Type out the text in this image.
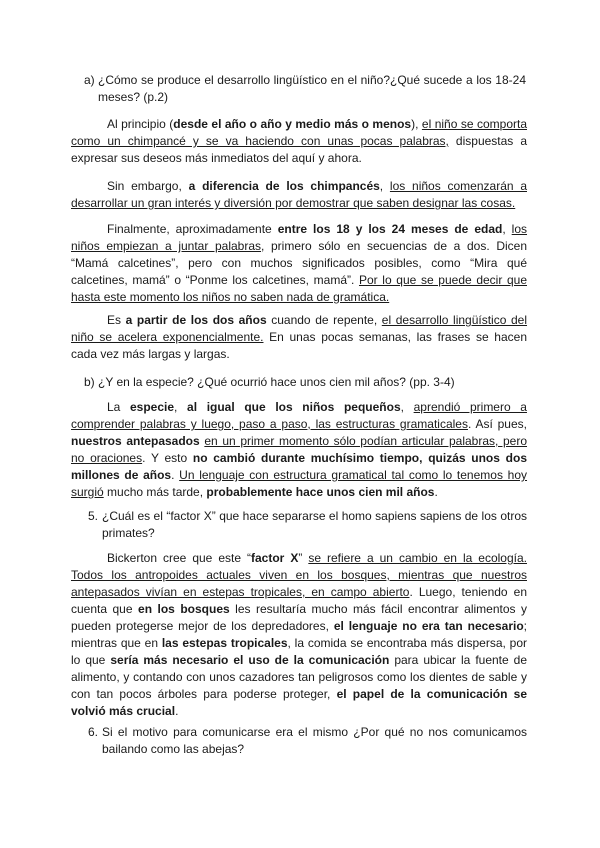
a) ¿Cómo se produce el desarrollo lingüístico en el niño?¿Qué sucede a los 18-24 meses? (p.2)
Al principio (desde el año o año y medio más o menos), el niño se comporta como un chimpancé y se va haciendo con unas pocas palabras, dispuestas a expresar sus deseos más inmediatos del aquí y ahora.
Sin embargo, a diferencia de los chimpancés, los niños comenzarán a desarrollar un gran interés y diversión por demostrar que saben designar las cosas.
Finalmente, aproximadamente entre los 18 y los 24 meses de edad, los niños empiezan a juntar palabras, primero sólo en secuencias de a dos. Dicen “Mamá calcetines”, pero con muchos significados posibles, como “Mira qué calcetines, mamá” o “Ponme los calcetines, mamá”. Por lo que se puede decir que hasta este momento los niños no saben nada de gramática.
Es a partir de los dos años cuando de repente, el desarrollo lingüístico del niño se acelera exponencialmente. En unas pocas semanas, las frases se hacen cada vez más largas y largas.
b) ¿Y en la especie? ¿Qué ocurrió hace unos cien mil años? (pp. 3-4)
La especie, al igual que los niños pequeños, aprendió primero a comprender palabras y luego, paso a paso, las estructuras gramaticales. Así pues, nuestros antepasados en un primer momento sólo podían articular palabras, pero no oraciones. Y esto no cambió durante muchísimo tiempo, quizás unos dos millones de años. Un lenguaje con estructura gramatical tal como lo tenemos hoy surgió mucho más tarde, probablemente hace unos cien mil años.
5. ¿Cuál es el “factor X” que hace separarse el homo sapiens sapiens de los otros primates?
Bickerton cree que este “factor X” se refiere a un cambio en la ecología. Todos los antropoides actuales viven en los bosques, mientras que nuestros antepasados vivían en estepas tropicales, en campo abierto. Luego, teniendo en cuenta que en los bosques les resultaría mucho más fácil encontrar alimentos y pueden protegerse mejor de los depredadores, el lenguaje no era tan necesario; mientras que en las estepas tropicales, la comida se encontraba más dispersa, por lo que sería más necesario el uso de la comunicación para ubicar la fuente de alimento, y contando con unos cazadores tan peligrosos como los dientes de sable y con tan pocos árboles para poderse proteger, el papel de la comunicación se volvió más crucial.
6. Si el motivo para comunicarse era el mismo ¿Por qué no nos comunicamos bailando como las abejas?
